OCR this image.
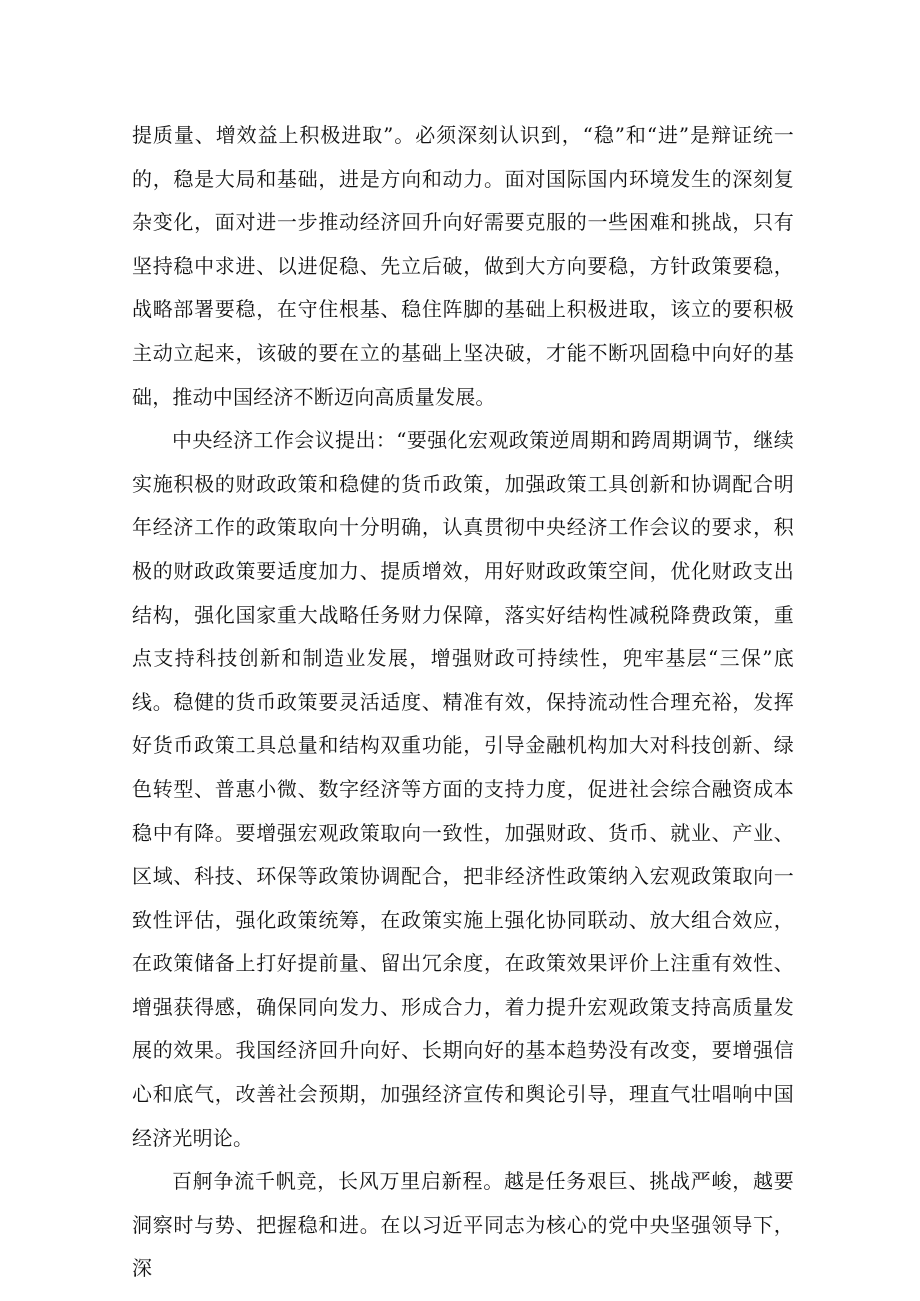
提质量、增效益上积极进取”。必须深刻认识到，“稳”和“进”是辩证统一的，稳是大局和基础，进是方向和动力。面对国际国内环境发生的深刻复杂变化，面对进一步推动经济回升向好需要克服的一些困难和挑战，只有坚持稳中求进、以进促稳、先立后破，做到大方向要稳，方针政策要稳，战略部署要稳，在守住根基、稳住阵脚的基础上积极进取，该立的要积极主动立起来，该破的要在立的基础上坚决破，才能不断巩固稳中向好的基础，推动中国经济不断迈向高质量发展。

中央经济工作会议提出：“要强化宏观政策逆周期和跨周期调节，继续实施积极的财政政策和稳健的货币政策，加强政策工具创新和协调配合明年经济工作的政策取向十分明确，认真贯彻中央经济工作会议的要求，积极的财政政策要适度加力、提质增效，用好财政政策空间，优化财政支出结构，强化国家重大战略任务财力保障，落实好结构性减税降费政策，重点支持科技创新和制造业发展，增强财政可持续性，兜牢基层“三保”底线。稳健的货币政策要灵活适度、精准有效，保持流动性合理充裕，发挥好货币政策工具总量和结构双重功能，引导金融机构加大对科技创新、绿色转型、普惠小微、数字经济等方面的支持力度，促进社会综合融资成本稳中有降。要增强宏观政策取向一致性，加强财政、货币、就业、产业、区域、科技、环保等政策协调配合，把非经济性政策纳入宏观政策取向一致性评估，强化政策统筹，在政策实施上强化协同联动、放大组合效应，在政策储备上打好提前量、留出冗余度，在政策效果评价上注重有效性、增强获得感，确保同向发力、形成合力，着力提升宏观政策支持高质量发展的效果。我国经济回升向好、长期向好的基本趋势没有改变，要增强信心和底气，改善社会预期，加强经济宣传和舆论引导，理直气壮唱响中国经济光明论。

百舸争流千帆竞，长风万里启新程。越是任务艰巨、挑战严峻，越要洞察时与势、把握稳和进。在以习近平同志为核心的党中央坚强领导下，深
